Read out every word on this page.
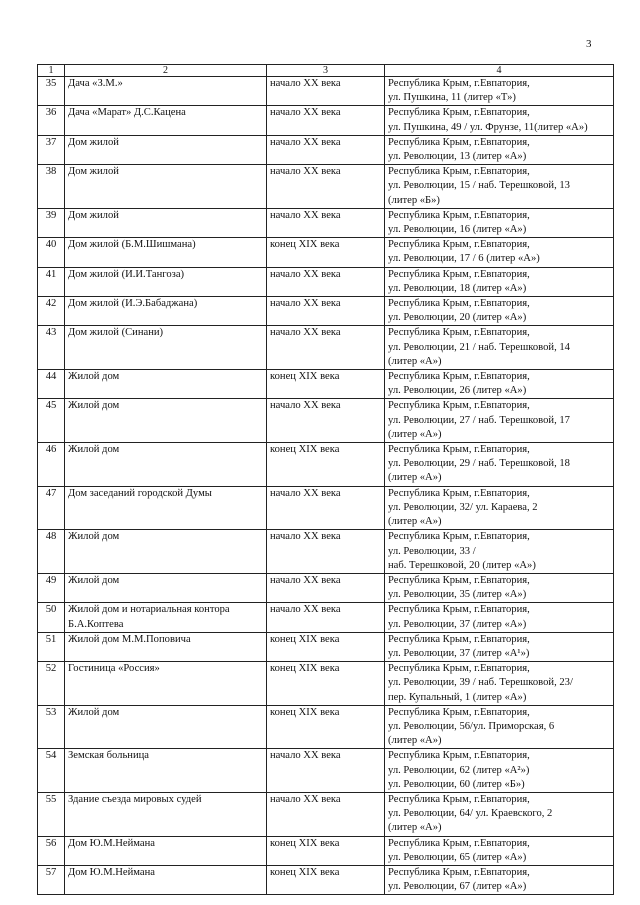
3
1	2	3	4
35	Дача «З.М.»	начало XX века	Республика Крым, г.Евпатория,
ул. Пушкина, 11 (литер «Т»)

36	Дача «Марат» Д.С.Кацена	начало XX века	Республика Крым, г.Евпатория,
ул. Пушкина, 49 / ул. Фрунзе, 11(литер «А»)

37	Дом жилой	начало XX века	Республика Крым, г.Евпатория,
ул. Революции, 13 (литер «А»)

38	Дом жилой	начало XX века	Республика Крым, г.Евпатория,
ул. Революции, 15 / наб. Терешковой, 13
(литер «Б»)

39	Дом жилой	начало XX века	Республика Крым, г.Евпатория,
ул. Революции, 16 (литер «А»)

40	Дом жилой (Б.М.Шишмана)	конец XIX века	Республика Крым, г.Евпатория,
ул. Революции, 17 / 6 (литер «А»)

41	Дом жилой (И.И.Тангоза)	начало XX века	Республика Крым, г.Евпатория,
ул. Революции, 18 (литер «А»)

42	Дом жилой (И.Э.Бабаджана)	начало XX века	Республика Крым, г.Евпатория,
ул. Революции, 20 (литер «А»)

43	Дом жилой (Синани)	начало XX века	Республика Крым, г.Евпатория,
ул. Революции, 21 / наб. Терешковой, 14
(литер «А»)

44	Жилой дом	конец XIX века	Республика Крым, г.Евпатория,
ул. Революции, 26 (литер «А»)

45	Жилой дом	начало XX века	Республика Крым, г.Евпатория,
ул. Революции, 27 / наб. Терешковой, 17
(литер «А»)

46	Жилой дом	конец XIX века	Республика Крым, г.Евпатория,
ул. Революции, 29 / наб. Терешковой, 18
(литер «А»)

47	Дом заседаний городской Думы	начало XX века	Республика Крым, г.Евпатория,
ул. Революции, 32/ ул. Караева, 2
(литер «А»)

48	Жилой дом	начало XX века	Республика Крым, г.Евпатория,
ул. Революции, 33 /
наб. Терешковой, 20 (литер «А»)

49	Жилой дом	начало XX века	Республика Крым, г.Евпатория,
ул. Революции, 35 (литер «А»)

50	Жилой дом и нотариальная контора Б.А.Коптева	начало XX века	Республика Крым, г.Евпатория,
ул. Революции, 37 (литер «А»)

51	Жилой дом М.М.Поповича	конец XIX века	Республика Крым, г.Евпатория,
ул. Революции, 37 (литер «А¹»)

52	Гостиница «Россия»	конец XIX века	Республика Крым, г.Евпатория,
ул. Революции, 39 / наб. Терешковой, 23/
пер. Купальный, 1 (литер «А»)

53	Жилой дом	конец XIX века	Республика Крым, г.Евпатория,
ул. Революции, 56/ул. Приморская, 6
(литер «А»)

54	Земская больница	начало XX века	Республика Крым, г.Евпатория,
ул. Революции, 62 (литер «А²»)
ул. Революции, 60 (литер «Б»)

55	Здание съезда мировых судей	начало XX века	Республика Крым, г.Евпатория,
ул. Революции, 64/ ул. Краевского, 2
(литер «А»)

56	Дом Ю.М.Неймана	конец XIX века	Республика Крым, г.Евпатория,
ул. Революции, 65 (литер «А»)

57	Дом Ю.М.Неймана	конец XIX века	Республика Крым, г.Евпатория,
ул. Революции, 67 (литер «А»)
